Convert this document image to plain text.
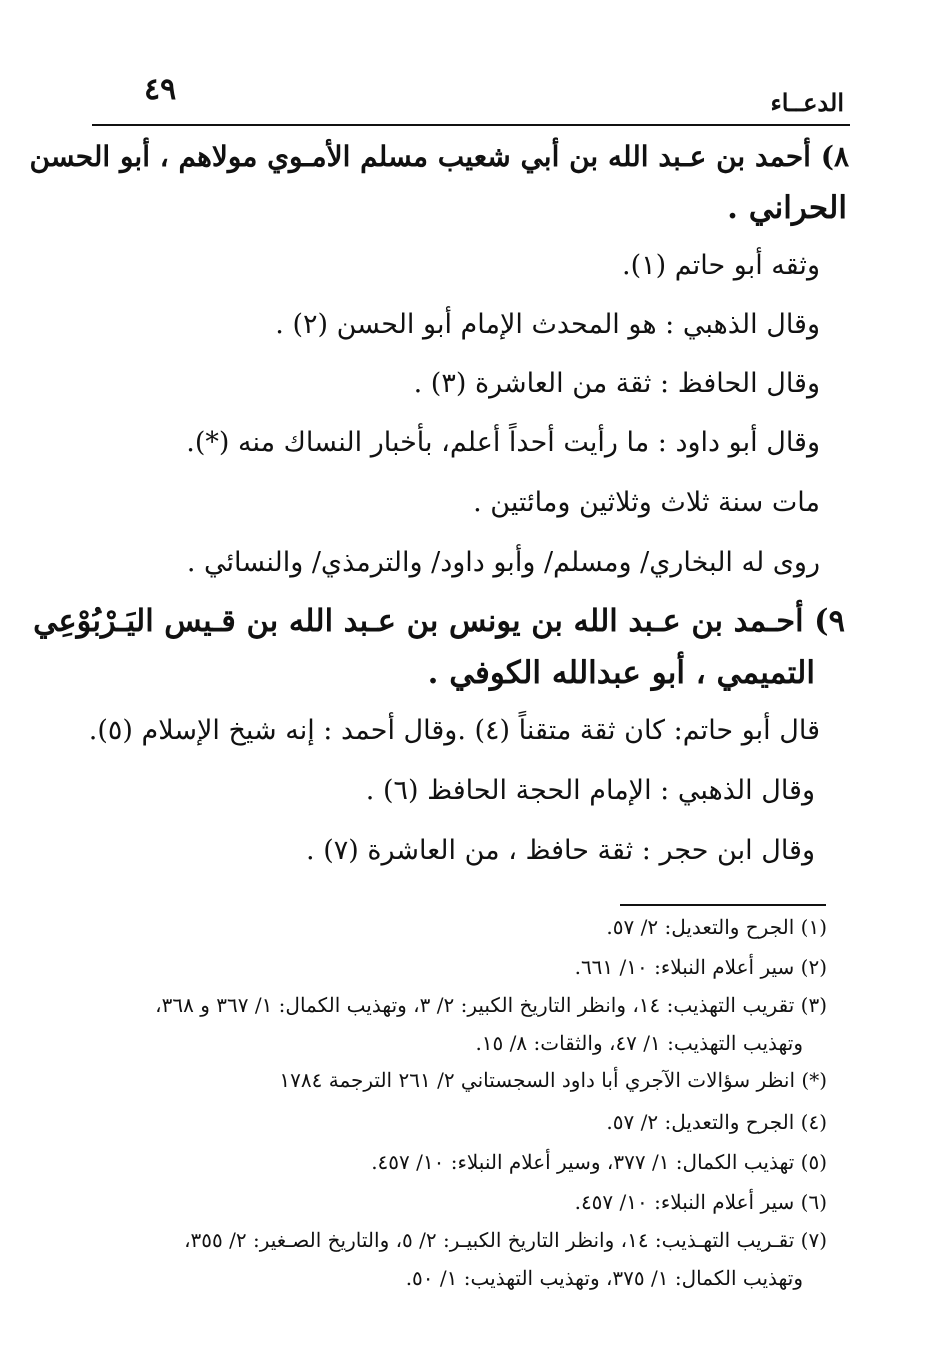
٤٩	الدعــاء
٨) أحمد بن عـبد الله بن أبي شعيب مسلم الأمـوي مولاهم ، أبو الحسن
الحراني .
وثقه أبو حاتم (١).
وقال الذهبي : هو المحدث الإمام أبو الحسن (٢) .
وقال الحافظ : ثقة من العاشرة (٣) .
وقال أبو داود : ما رأيت أحداً أعلم، بأخبار النساك منه (*).
مات سنة ثلاث وثلاثين ومائتين .
روى له البخاري/ ومسلم/ وأبو داود/ والترمذي/ والنسائي .
٩) أحـمد بن عـبد الله بن يونس بن عـبد الله بن قـيس اليَـرْبُوْعِي
التميمي ، أبو عبدالله الكوفي .
قال أبو حاتم: كان ثقة متقناً (٤) .وقال أحمد : إنه شيخ الإسلام (٥).
وقال الذهبي : الإمام الحجة الحافظ (٦) .
وقال ابن حجر : ثقة حافظ ، من العاشرة (٧) .
(١) الجرح والتعديل: ٢/ ٥٧.
(٢) سير أعلام النبلاء: ١٠/ ٦٦١.
(٣) تقريب التهذيب: ١٤، وانظر التاريخ الكبير: ٢/ ٣، وتهذيب الكمال: ١/ ٣٦٧ و ٣٦٨،
وتهذيب التهذيب: ١/ ٤٧، والثقات: ٨/ ١٥.
(*) انظر سؤالات الآجري أبا داود السجستاني ٢/ ٢٦١ الترجمة ١٧٨٤
(٤) الجرح والتعديل: ٢/ ٥٧.
(٥) تهذيب الكمال: ١/ ٣٧٧، وسير أعلام النبلاء: ١٠/ ٤٥٧.
(٦) سير أعلام النبلاء: ١٠/ ٤٥٧.
(٧) تقـريب التهـذيب: ١٤، وانظر التاريخ الكبيـر: ٢/ ٥، والتاريخ الصـغير: ٢/ ٣٥٥،
وتهذيب الكمال: ١/ ٣٧٥، وتهذيب التهذيب: ١/ ٥٠.
